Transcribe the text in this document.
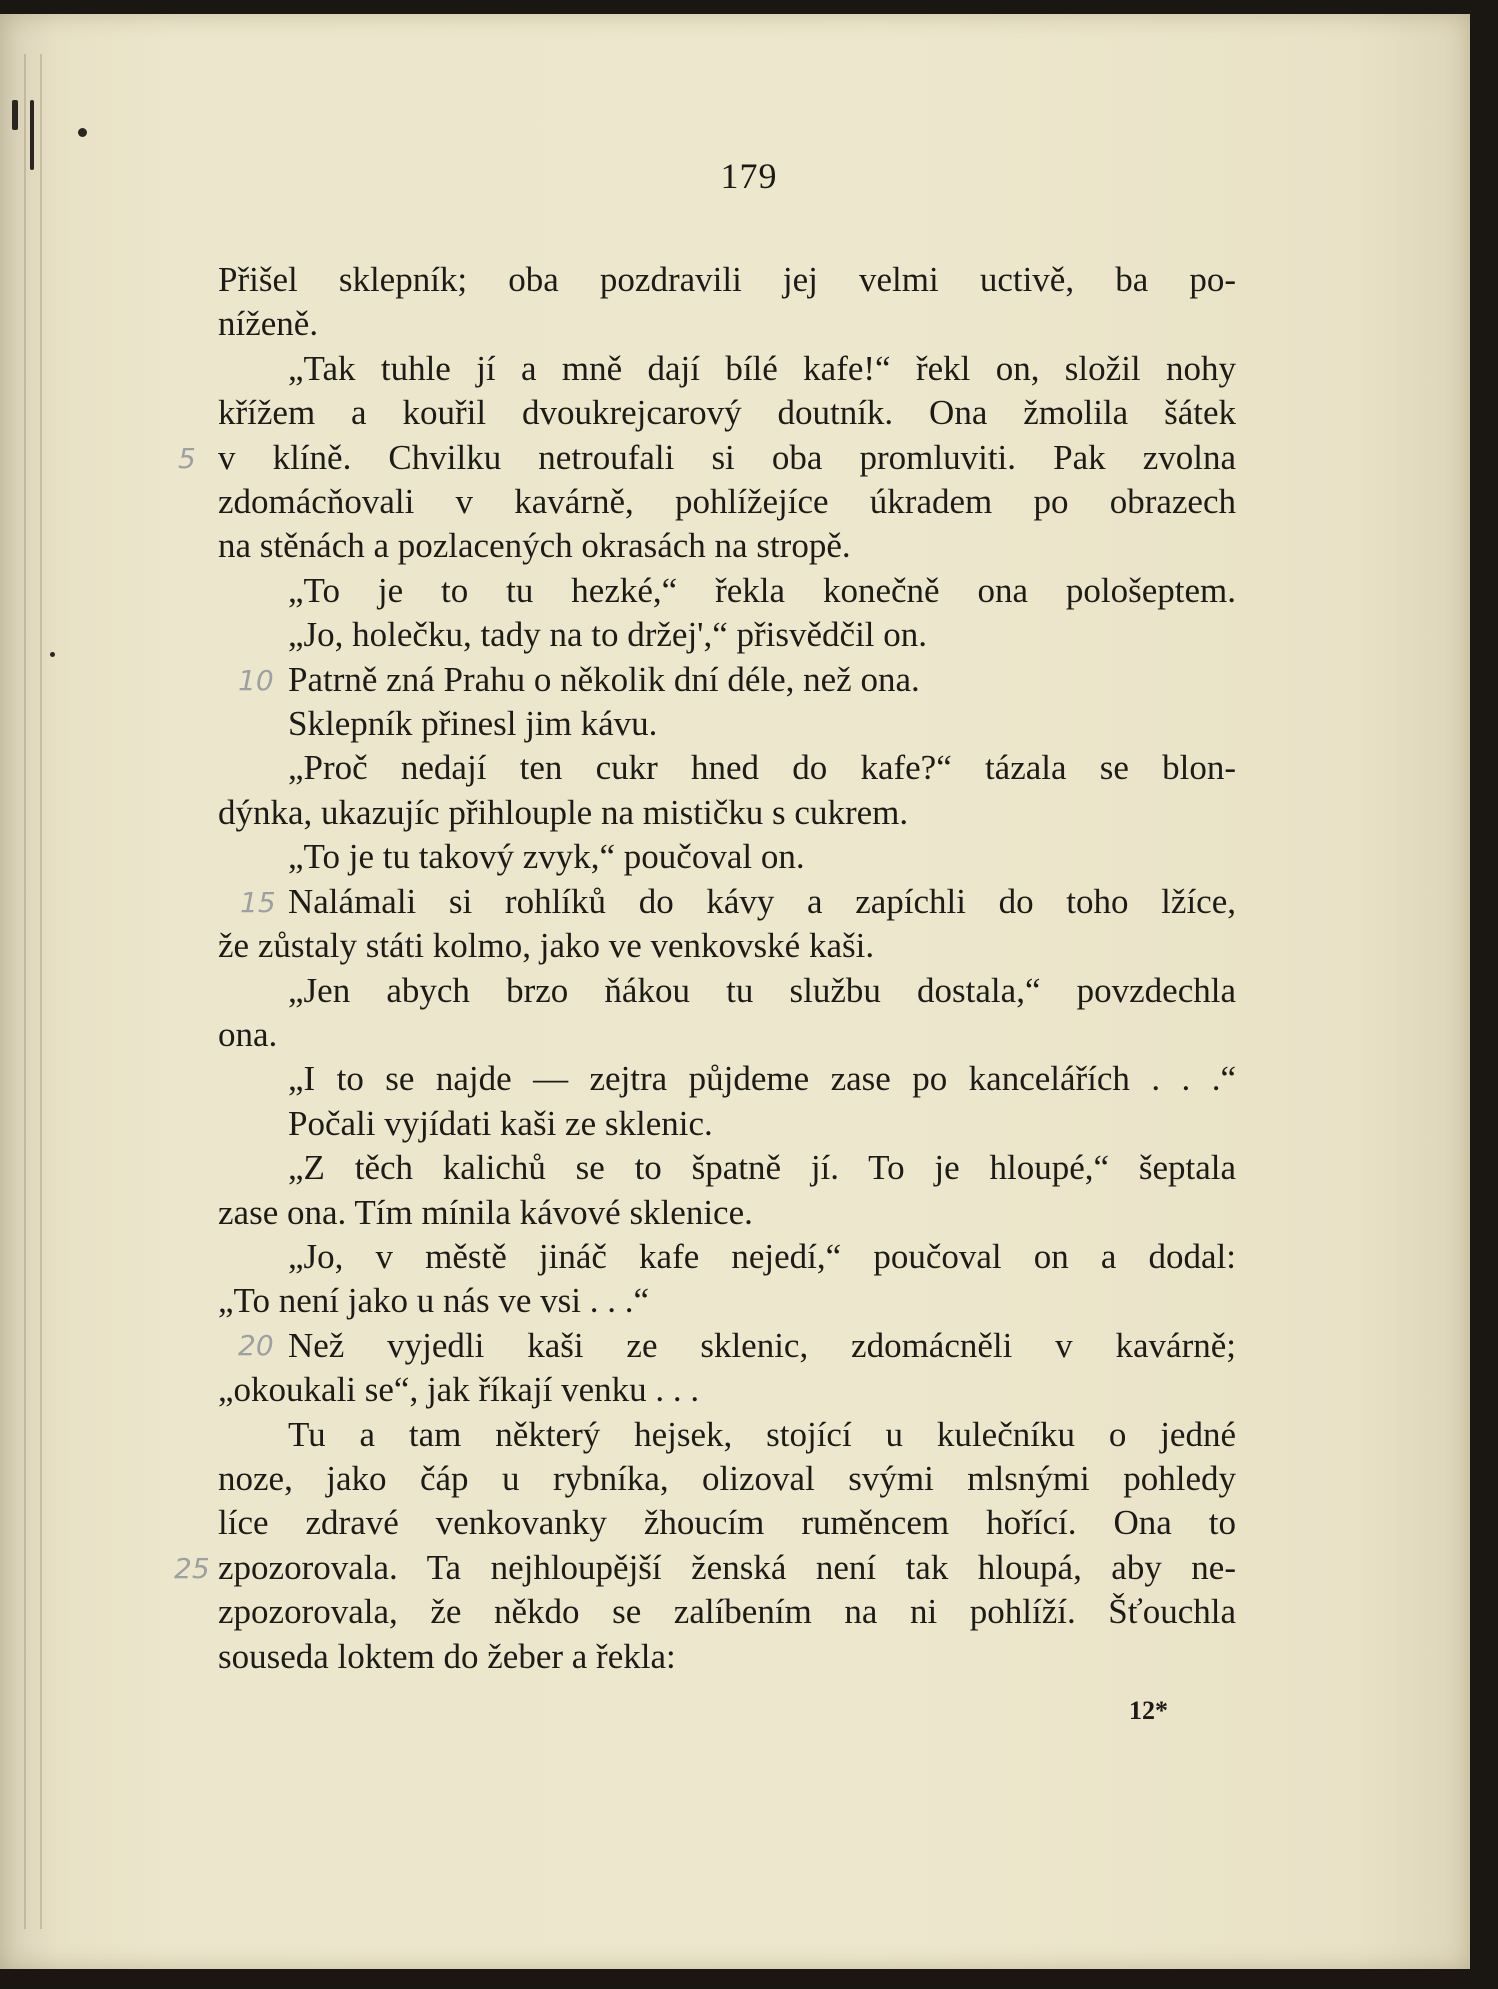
179
5
10
15
20
25
Přišel sklepník; oba pozdravili jej velmi uctivě, ba po-
níženě.
„Tak tuhle jí a mně dají bílé kafe!“ řekl on, složil nohy
křížem a kouřil dvoukrejcarový doutník. Ona žmolila šátek
v klíně. Chvilku netroufali si oba promluviti. Pak zvolna
zdomácňovali v kavárně, pohlížejíce úkradem po obrazech
na stěnách a pozlacených okrasách na stropě.
„To je to tu hezké,“ řekla konečně ona pološeptem.
„Jo, holečku, tady na to držej',“ přisvědčil on.
Patrně zná Prahu o několik dní déle, než ona.
Sklepník přinesl jim kávu.
„Proč nedají ten cukr hned do kafe?“ tázala se blon-
dýnka, ukazujíc přihlouple na mističku s cukrem.
„To je tu takový zvyk,“ poučoval on.
Nalámali si rohlíků do kávy a zapíchli do toho lžíce,
že zůstaly státi kolmo, jako ve venkovské kaši.
„Jen abych brzo ňákou tu službu dostala,“ povzdechla
ona.
„I to se najde — zejtra půjdeme zase po kancelářích . . .“
Počali vyjídati kaši ze sklenic.
„Z těch kalichů se to špatně jí. To je hloupé,“ šeptala
zase ona. Tím mínila kávové sklenice.
„Jo, v městě jináč kafe nejedí,“ poučoval on a dodal:
„To není jako u nás ve vsi . . .“
Než vyjedli kaši ze sklenic, zdomácněli v kavárně;
„okoukali se“, jak říkají venku . . .
Tu a tam některý hejsek, stojící u kulečníku o jedné
noze, jako čáp u rybníka, olizoval svými mlsnými pohledy
líce zdravé venkovanky žhoucím ruměncem hořící. Ona to
zpozorovala. Ta nejhloupější ženská není tak hloupá, aby ne-
zpozorovala, že někdo se zalíbením na ni pohlíží. Šťouchla
souseda loktem do žeber a řekla:
12*
